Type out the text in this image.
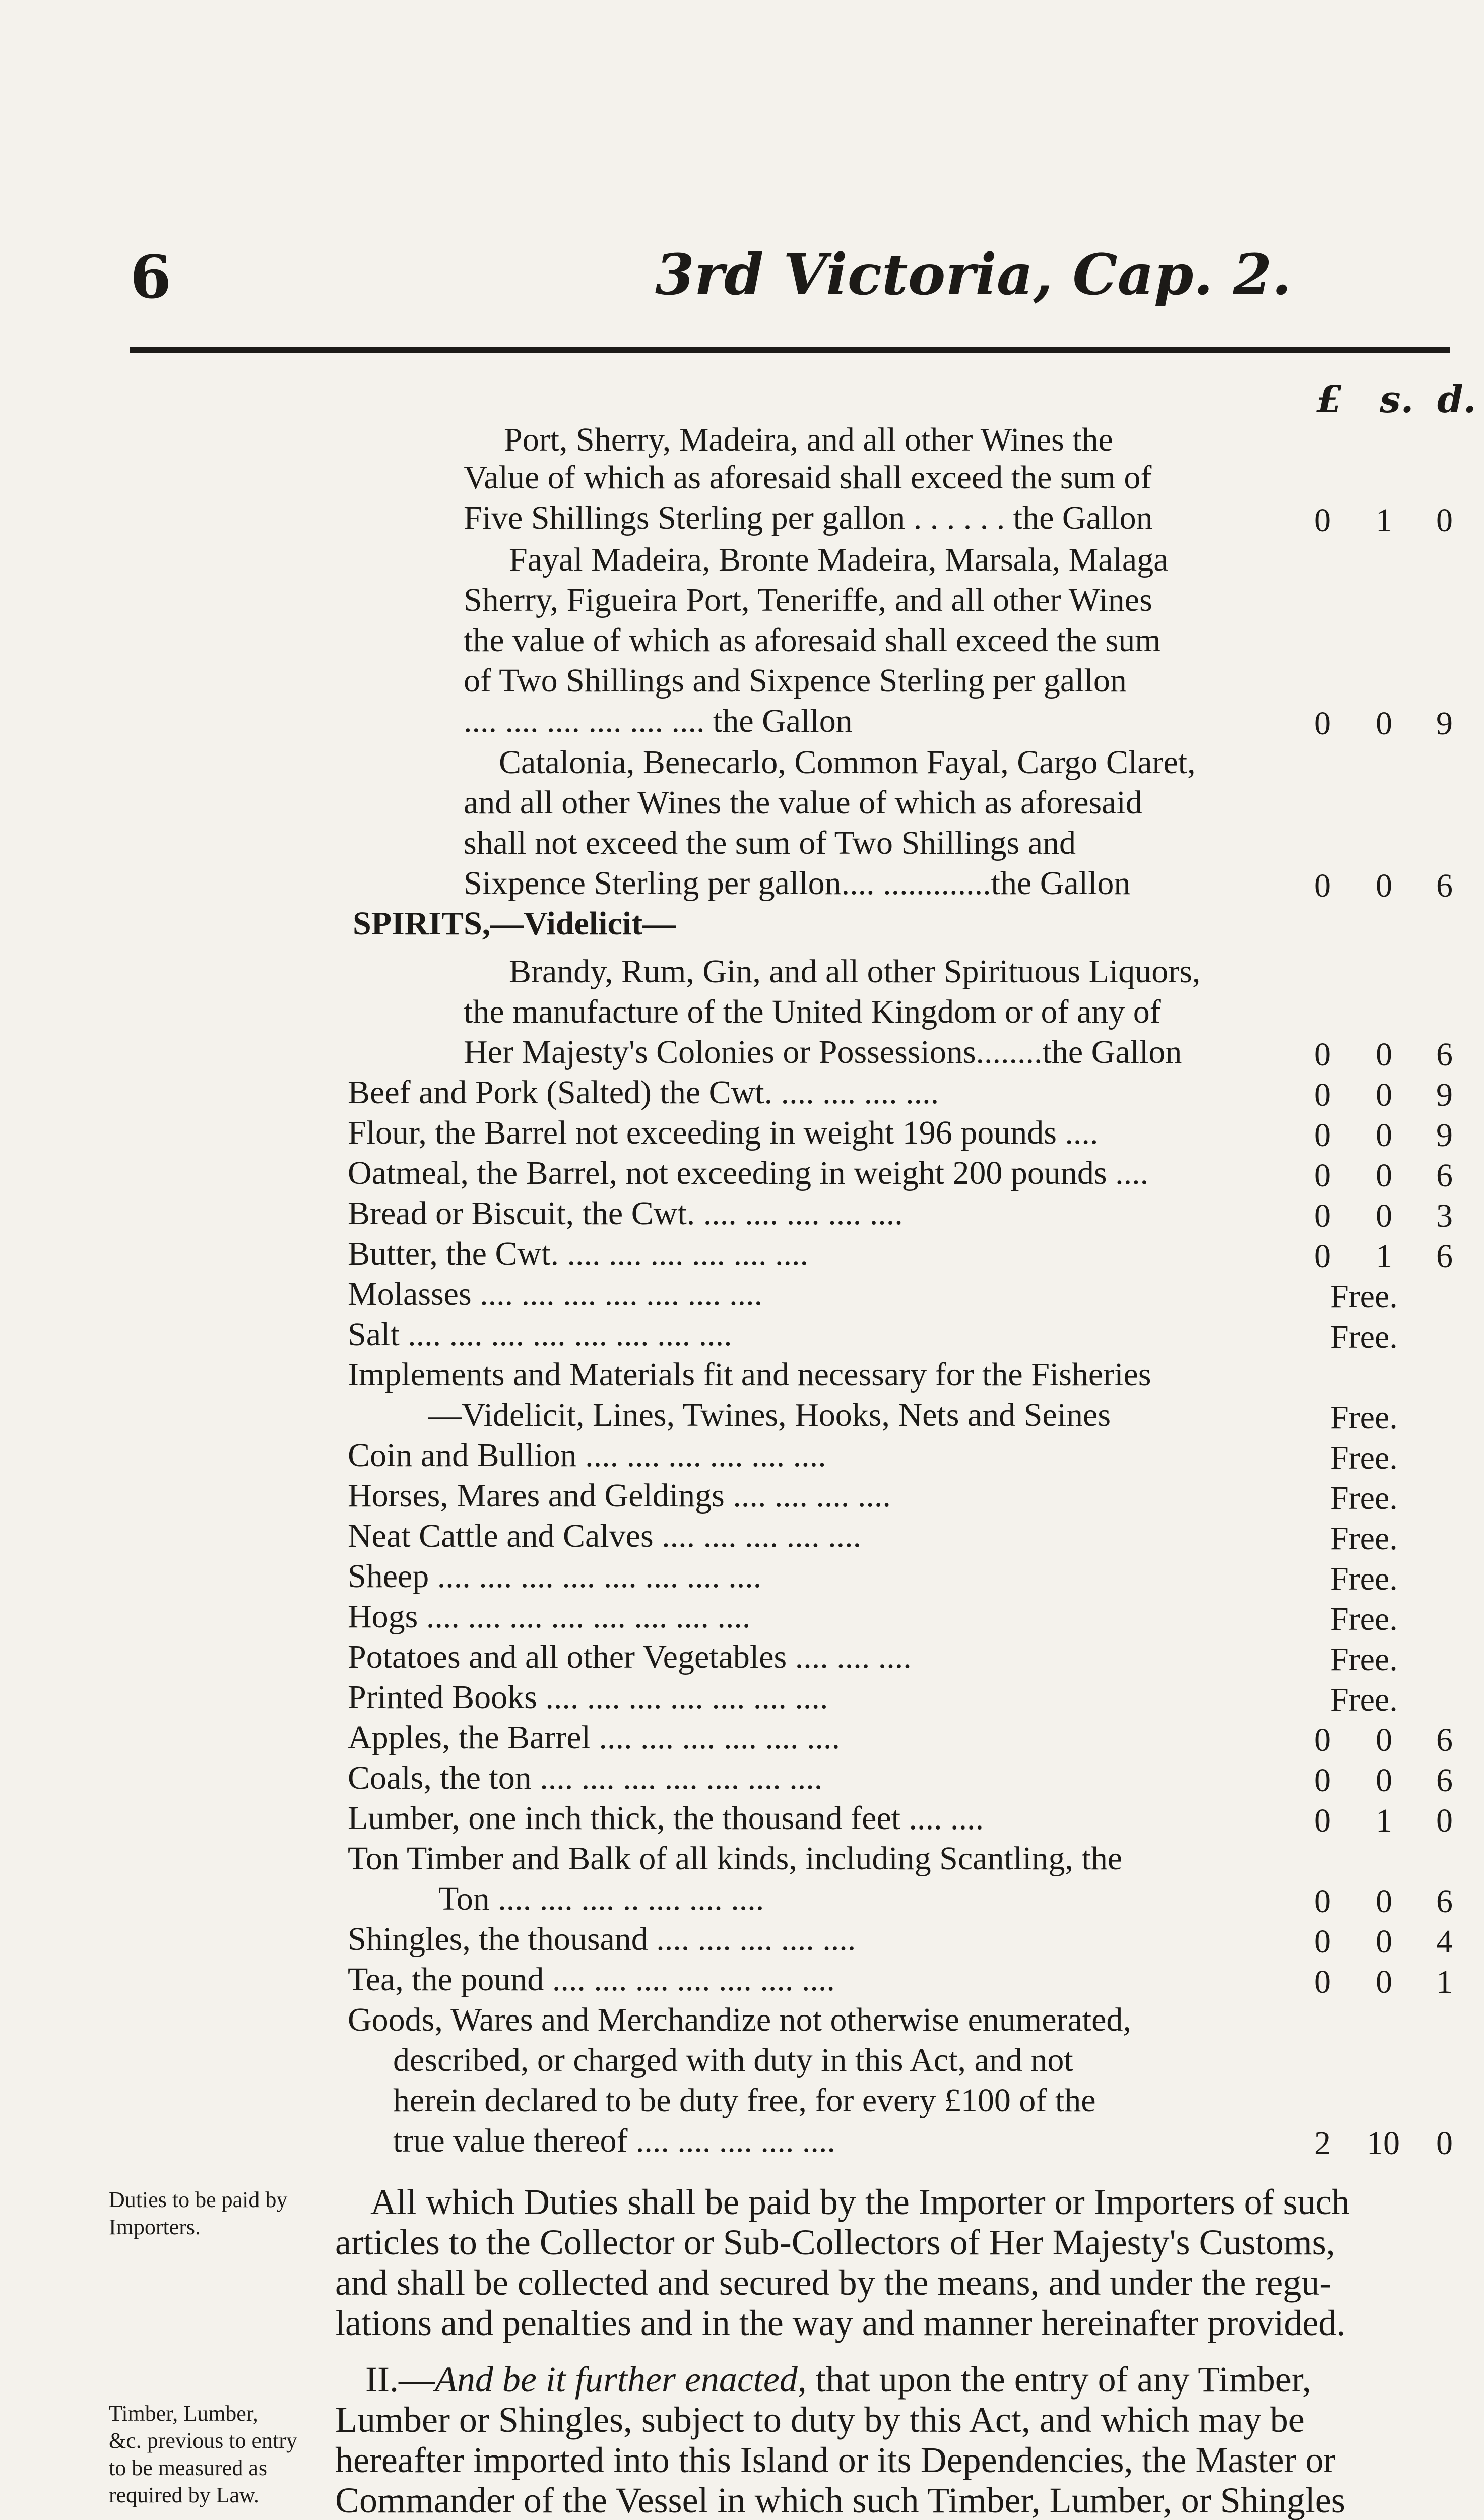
6	3rd Victoria, Cap. 2.
£ s. d.
Port, Sherry, Madeira, and all other Wines the
Value of which as aforesaid shall exceed the sum of
Five Shillings Sterling per gallon . . . . . . the Gallon	0 1 0
Fayal Madeira, Bronte Madeira, Marsala, Malaga
Sherry, Figueira Port, Teneriffe, and all other Wines
the value of which as aforesaid shall exceed the sum
of Two Shillings and Sixpence Sterling per gallon
.... .... .... .... .... .... the Gallon	0 0 9
Catalonia, Benecarlo, Common Fayal, Cargo Claret,
and all other Wines the value of which as aforesaid
shall not exceed the sum of Two Shillings and
Sixpence Sterling per gallon.... .............the Gallon	0 0 6
SPIRITS,—Videlicit—
Brandy, Rum, Gin, and all other Spirituous Liquors,
the manufacture of the United Kingdom or of any of
Her Majesty's Colonies or Possessions........the Gallon	0 0 6
Beef and Pork (Salted) the Cwt. .... .... .... ....	0 0 9
Flour, the Barrel not exceeding in weight 196 pounds ....	0 0 9
Oatmeal, the Barrel, not exceeding in weight 200 pounds ....	0 0 6
Bread or Biscuit, the Cwt. .... .... .... .... ....	0 0 3
Butter, the Cwt. .... .... .... .... .... ....	0 1 6
Molasses .... .... .... .... .... .... ....	Free.
Salt .... .... .... .... .... .... .... ....	Free.
Implements and Materials fit and necessary for the Fisheries
—Videlicit, Lines, Twines, Hooks, Nets and Seines	Free.
Coin and Bullion .... .... .... .... .... ....	Free.
Horses, Mares and Geldings .... .... .... ....	Free.
Neat Cattle and Calves .... .... .... .... ....	Free.
Sheep .... .... .... .... .... .... .... ....	Free.
Hogs .... .... .... .... .... .... .... ....	Free.
Potatoes and all other Vegetables .... .... ....	Free.
Printed Books .... .... .... .... .... .... ....	Free.
Apples, the Barrel .... .... .... .... .... ....	0 0 6
Coals, the ton .... .... .... .... .... .... ....	0 0 6
Lumber, one inch thick, the thousand feet .... ....	0 1 0
Ton Timber and Balk of all kinds, including Scantling, the
Ton .... .... .... .. .... .... ....	0 0 6
Shingles, the thousand .... .... .... .... ....	0 0 4
Tea, the pound .... .... .... .... .... .... ....	0 0 1
Goods, Wares and Merchandize not otherwise enumerated,
described, or charged with duty in this Act, and not
herein declared to be duty free, for every £100 of the
true value thereof .... .... .... .... ....	2 10 0
Duties to be paid by
Importers.
Timber, Lumber,
&c. previous to entry
to be measured as
required by Law.
All which Duties shall be paid by the Importer or Importers of such
articles to the Collector or Sub-Collectors of Her Majesty's Customs,
and shall be collected and secured by the means, and under the regu-
lations and penalties and in the way and manner hereinafter provided.
II.—And be it further enacted, that upon the entry of any Timber,
Lumber or Shingles, subject to duty by this Act, and which may be
hereafter imported into this Island or its Dependencies, the Master or
Commander of the Vessel in which such Timber, Lumber, or Shingles
